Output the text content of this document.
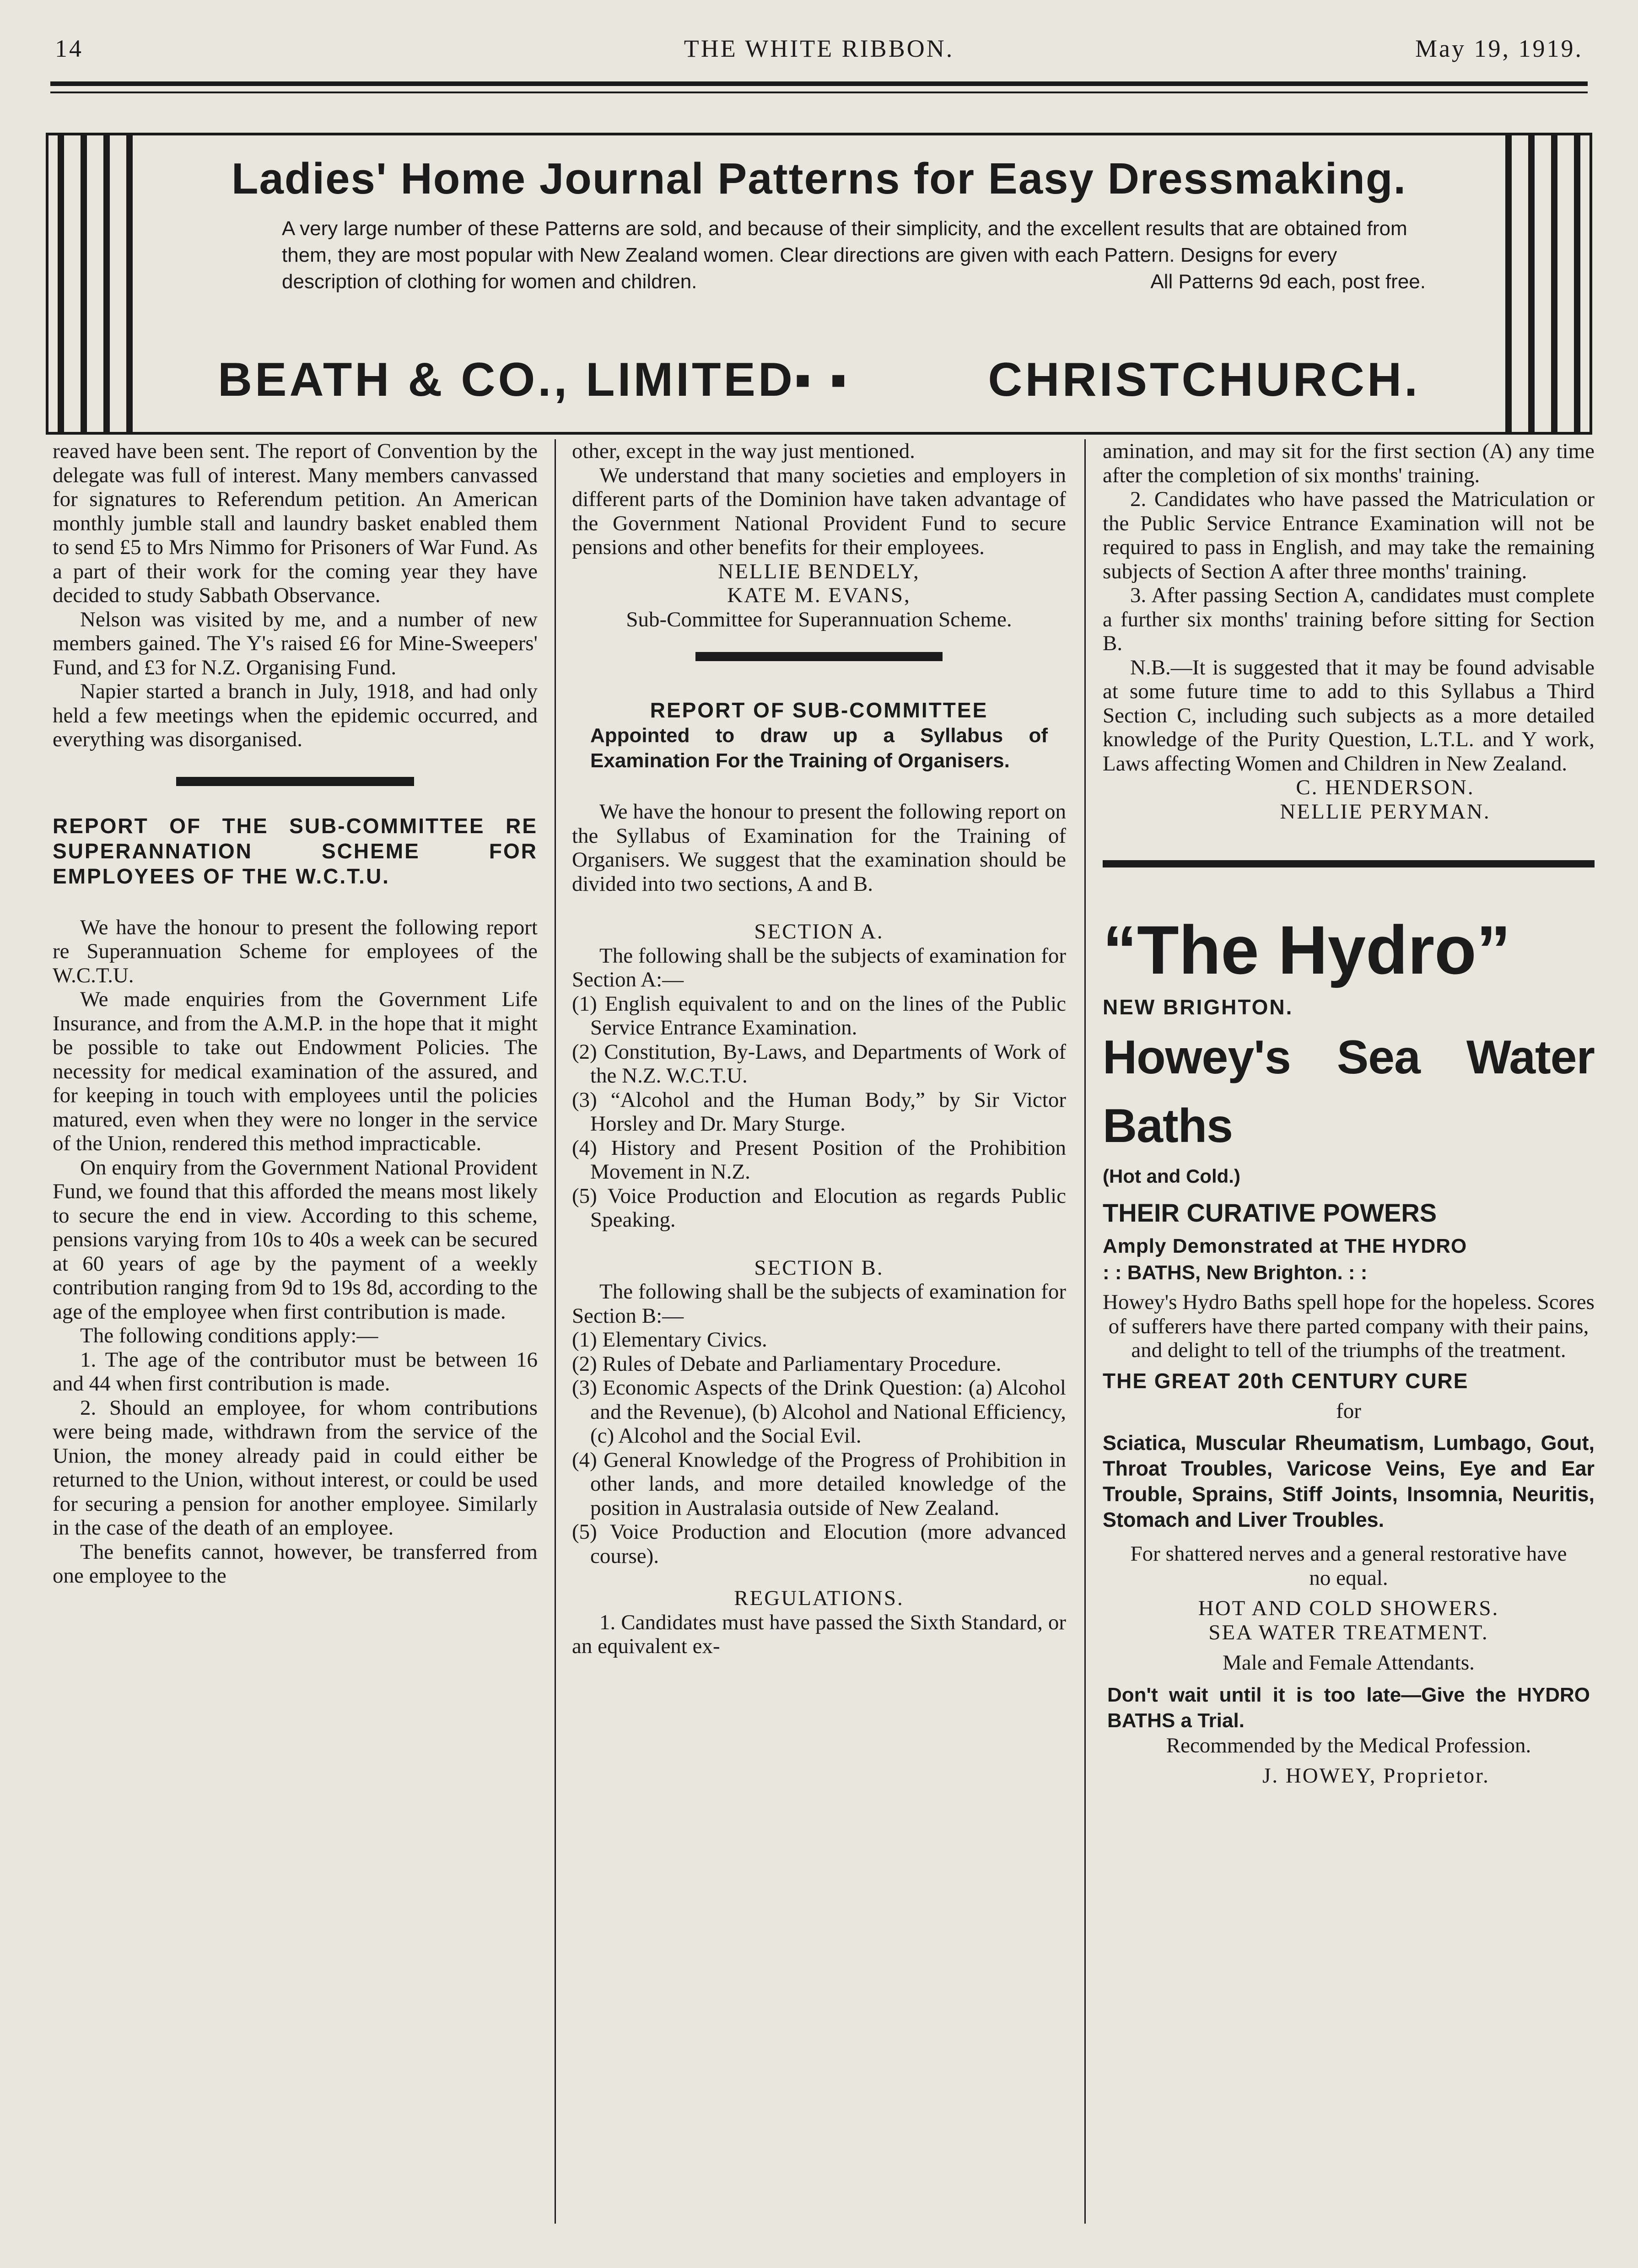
14	THE WHITE RIBBON.	May 19, 1919.
Ladies' Home Journal Patterns for Easy Dressmaking.
A very large number of these Patterns are sold, and because of their simplicity, and the excellent results that are obtained from them, they are most popular with New Zealand women. Clear directions are given with each Pattern. Designs for every description of clothing for women and children.	All Patterns 9d each, post free.
BEATH & CO., LIMITED
▪ ▪	CHRISTCHURCH.

reaved have been sent. The report of Convention by the delegate was full of interest. Many members canvassed for signatures to Referendum petition. An American monthly jumble stall and laundry basket enabled them to send £5 to Mrs Nimmo for Prisoners of War Fund. As a part of their work for the coming year they have decided to study Sabbath Observance.

Nelson was visited by me, and a number of new members gained. The Y's raised £6 for Mine-Sweepers' Fund, and £3 for N.Z. Organising Fund.

Napier started a branch in July, 1918, and had only held a few meetings when the epidemic occurred, and everything was disorganised.

REPORT OF THE SUB-COMMITTEE RE SUPERANNATION SCHEME FOR EMPLOYEES OF THE W.C.T.U.

We have the honour to present the following report re Superannuation Scheme for employees of the W.C.T.U.

We made enquiries from the Government Life Insurance, and from the A.M.P. in the hope that it might be possible to take out Endowment Policies. The necessity for medical examination of the assured, and for keeping in touch with employees until the policies matured, even when they were no longer in the service of the Union, rendered this method impracticable.

On enquiry from the Government National Provident Fund, we found that this afforded the means most likely to secure the end in view. According to this scheme, pensions varying from 10s to 40s a week can be secured at 60 years of age by the payment of a weekly contribution ranging from 9d to 19s 8d, according to the age of the employee when first contribution is made.

The following conditions apply:—

1. The age of the contributor must be between 16 and 44 when first contribution is made.

2. Should an employee, for whom contributions were being made, withdrawn from the service of the Union, the money already paid in could either be returned to the Union, without interest, or could be used for securing a pension for another employee. Similarly in the case of the death of an employee.

The benefits cannot, however, be transferred from one employee to the

other, except in the way just mentioned.

We understand that many societies and employers in different parts of the Dominion have taken advantage of the Government National Provident Fund to secure pensions and other benefits for their employees.

NELLIE BENDELY,

KATE M. EVANS,

Sub-Committee for Superannuation Scheme.

REPORT OF SUB-COMMITTEE

Appointed to draw up a Syllabus of Examination For the Training of Organisers.

We have the honour to present the following report on the Syllabus of Examination for the Training of Organisers. We suggest that the examination should be divided into two sections, A and B.

SECTION A.

The following shall be the subjects of examination for Section A:—

(1) English equivalent to and on the lines of the Public Service Entrance Examination.

(2) Constitution, By-Laws, and Departments of Work of the N.Z. W.C.T.U.

(3) “Alcohol and the Human Body,” by Sir Victor Horsley and Dr. Mary Sturge.

(4) History and Present Position of the Prohibition Movement in N.Z.

(5) Voice Production and Elocution as regards Public Speaking.

SECTION B.

The following shall be the subjects of examination for Section B:—

(1) Elementary Civics.

(2) Rules of Debate and Parliamentary Procedure.

(3) Economic Aspects of the Drink Question: (a) Alcohol and the Revenue), (b) Alcohol and National Efficiency, (c) Alcohol and the Social Evil.

(4) General Knowledge of the Progress of Prohibition in other lands, and more detailed knowledge of the position in Australasia outside of New Zealand.

(5) Voice Production and Elocution (more advanced course).

REGULATIONS.

1. Candidates must have passed the Sixth Standard, or an equivalent ex-

amination, and may sit for the first section (A) any time after the completion of six months' training.

2. Candidates who have passed the Matriculation or the Public Service Entrance Examination will not be required to pass in English, and may take the remaining subjects of Section A after three months' training.

3. After passing Section A, candidates must complete a further six months' training before sitting for Section B.

N.B.—It is suggested that it may be found advisable at some future time to add to this Syllabus a Third Section C, including such subjects as a more detailed knowledge of the Purity Question, L.T.L. and Y work, Laws affecting Women and Children in New Zealand.

C. HENDERSON.

NELLIE PERYMAN.

“The Hydro”

NEW BRIGHTON.

Howey's Sea Water Baths

(Hot and Cold.)

THEIR CURATIVE POWERS

Amply Demonstrated at THE HYDRO

: : BATHS, New Brighton. : :

Howey's Hydro Baths spell hope for the hopeless. Scores of sufferers have there parted company with their pains, and delight to tell of the triumphs of the treatment.

THE GREAT 20th CENTURY CURE

for

Sciatica, Muscular Rheumatism, Lumbago, Gout, Throat Troubles, Varicose Veins, Eye and Ear Trouble, Sprains, Stiff Joints, Insomnia, Neuritis, Stomach and Liver Troubles.

For shattered nerves and a general restorative have no equal.

HOT AND COLD SHOWERS.

SEA WATER TREATMENT.

Male and Female Attendants.

Don't wait until it is too late—Give the HYDRO BATHS a Trial.

Recommended by the Medical Profession.

J. HOWEY, Proprietor.
